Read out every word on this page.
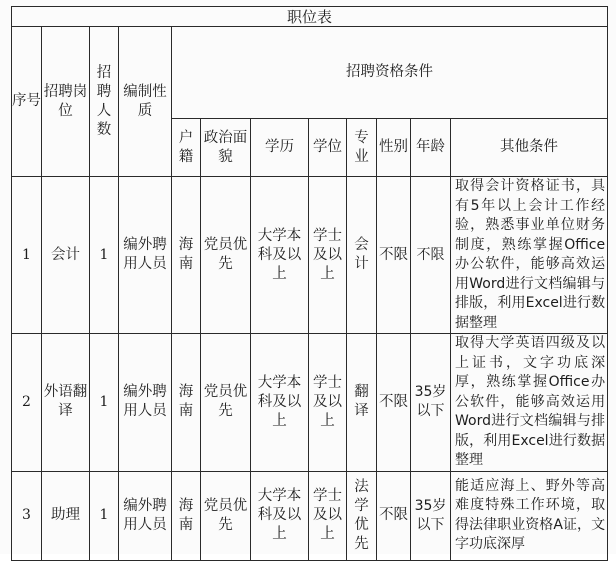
职位表											
序号	招聘岗位	招聘人数	编制性质	招聘资格条件							
				户籍	政治面貌	学历	学位	专业	性别	年龄	其他条件
1	会计	1	编外聘用人员	海南	党员优先	大学本科及以上	学士及以上	会计	不限	不限	取得会计资格证书，具有5年以上会计工作经验，熟悉事业单位财务制度，熟练掌握Office办公软件，能够高效运用Word进行文档编辑与排版，利用Excel进行数据整理
2	外语翻译	1	编外聘用人员	海南	党员优先	大学本科及以上	学士及以上	翻译	不限	35岁以下	取得大学英语四级及以上证书，文字功底深厚，熟练掌握Office办公软件，能够高效运用Word进行文档编辑与排版，利用Excel进行数据整理
3	助理	1	编外聘用人员	海南	党员优先	大学本科及以上	学士及以上	法学优先	不限	35岁以下	能适应海上、野外等高难度特殊工作环境，取得法律职业资格A证，文字功底深厚
